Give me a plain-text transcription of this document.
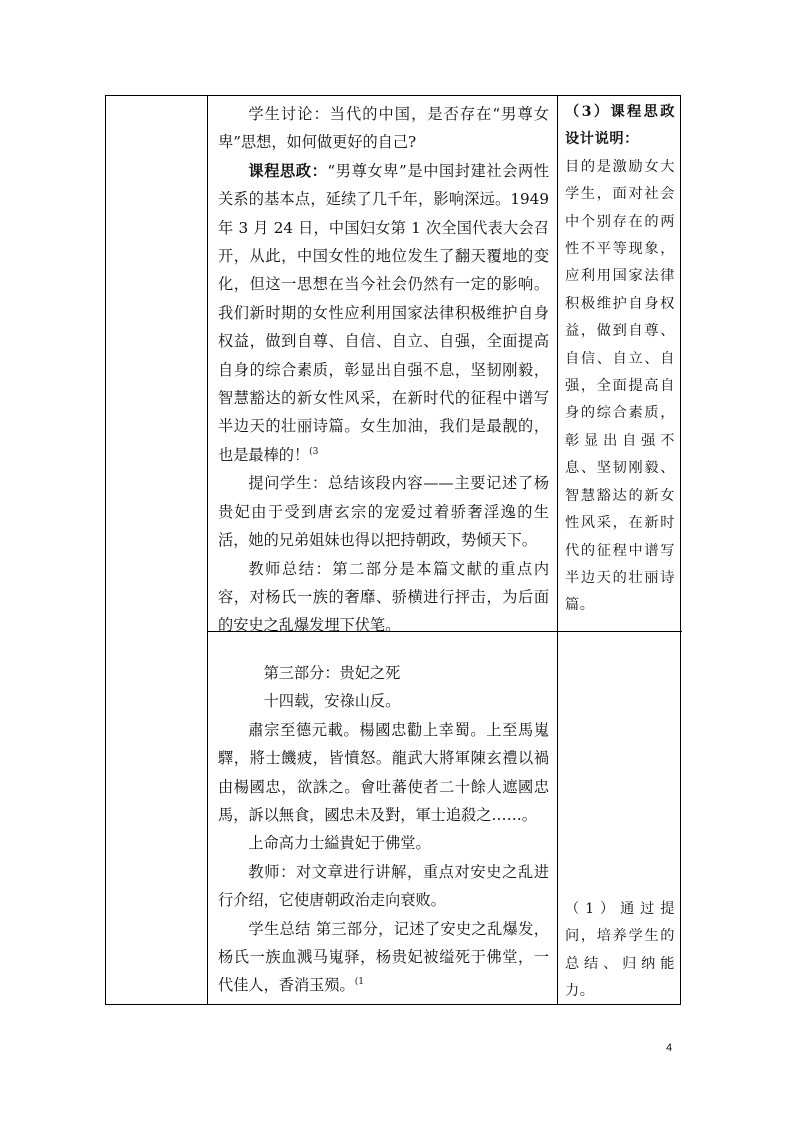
学生讨论：当代的中国，是否存在“男尊女卑”思想，如何做更好的自己?

课程思政：“男尊女卑”是中国封建社会两性关系的基本点，延续了几千年，影响深远。1949 年 3 月 24 日，中国妇女第 1 次全国代表大会召开，从此，中国女性的地位发生了翻天覆地的变化，但这一思想在当今社会仍然有一定的影响。我们新时期的女性应利用国家法律积极维护自身权益，做到自尊、自信、自立、自强，全面提高自身的综合素质，彰显出自强不息，坚韧刚毅，智慧豁达的新女性风采，在新时代的征程中谱写半边天的壮丽诗篇。女生加油，我们是最靓的，也是最棒的！$^{(3}$

提问学生：总结该段内容——主要记述了杨贵妃由于受到唐玄宗的宠爱过着骄奢淫逸的生活，她的兄弟姐妹也得以把持朝政，势倾天下。

教师总结：第二部分是本篇文献的重点内容，对杨氏一族的奢靡、骄横进行抨击，为后面的安史之乱爆发埋下伏笔。

（3）课程思政设计说明：

目的是激励女大学生，面对社会中个别存在的两性不平等现象，应利用国家法律积极维护自身权益，做到自尊、自信、自立、自强，全面提高自身的综合素质，彰显出自强不息、坚韧刚毅、智慧豁达的新女性风采，在新时代的征程中谱写半边天的壮丽诗篇。

第三部分：贵妃之死

十四载，安祿山反。

肅宗至德元載。楊國忠勸上幸蜀。上至馬嵬驛，將士饑疲，皆憤怒。龍武大將軍陳玄禮以禍由楊國忠，欲誅之。會吐蕃使者二十餘人遮國忠馬，訴以無食，國忠未及對，軍士追殺之……。

上命高力士縊貴妃于佛堂。

教师：对文章进行讲解，重点对安史之乱进行介绍，它使唐朝政治走向衰败。

学生总结 第三部分，记述了安史之乱爆发，杨氏一族血溅马嵬驿，杨贵妃被缢死于佛堂，一代佳人，香消玉殒。$^{(1}$

（1）通过提问，培养学生的总结、归纳能力。

4
